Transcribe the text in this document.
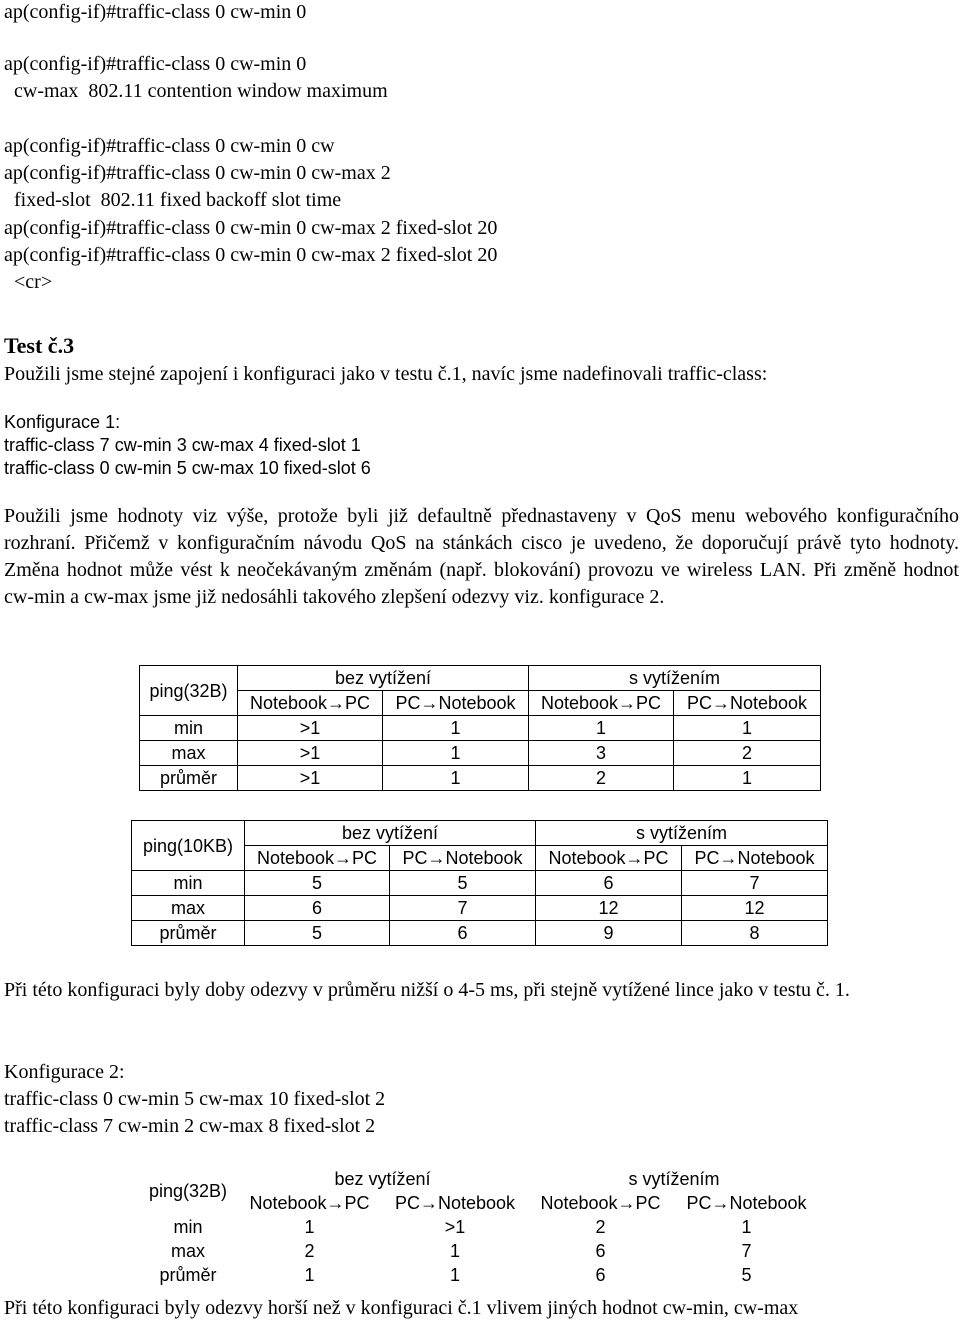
ap(config-if)#traffic-class 0 cw-min 0
ap(config-if)#traffic-class 0 cw-min 0
cw-max  802.11 contention window maximum
ap(config-if)#traffic-class 0 cw-min 0 cw
ap(config-if)#traffic-class 0 cw-min 0 cw-max 2
fixed-slot  802.11 fixed backoff slot time
ap(config-if)#traffic-class 0 cw-min 0 cw-max 2 fixed-slot 20
ap(config-if)#traffic-class 0 cw-min 0 cw-max 2 fixed-slot 20
<cr>
Test č.3
Použili jsme stejné zapojení i konfiguraci jako v testu č.1, navíc jsme nadefinovali traffic-class:
Konfigurace 1:
traffic-class 7 cw-min 3 cw-max 4 fixed-slot 1
traffic-class 0 cw-min 5 cw-max 10 fixed-slot 6
Použili jsme hodnoty viz výše, protože byli již defaultně přednastaveny v QoS menu webového konfiguračního rozhraní. Přičemž v konfiguračním návodu QoS na stánkách cisco je uvedeno, že doporučují právě tyto hodnoty. Změna hodnot může vést k neočekávaným změnám (např. blokování) provozu ve wireless LAN. Při změně hodnot cw-min a cw-max jsme již nedosáhli takového zlepšení odezvy viz. konfigurace 2.
ping(32B)	bez vytížení		s vytížením	
	Notebook→PC	PC→Notebook	Notebook→PC	PC→Notebook
min	>1	1	1	1
max	>1	1	3	2
průměr	>1	1	2	1
ping(10KB)	bez vytížení		s vytížením	
	Notebook→PC	PC→Notebook	Notebook→PC	PC→Notebook
min	5	5	6	7
max	6	7	12	12
průměr	5	6	9	8
Při této konfiguraci byly doby odezvy v průměru nižší o 4-5 ms, při stejně vytížené lince jako v testu č. 1.
Konfigurace 2:
traffic-class 0 cw-min 5 cw-max 10 fixed-slot 2
traffic-class 7 cw-min 2 cw-max 8 fixed-slot 2
ping(32B)	bez vytížení		s vytížením	
	Notebook→PC	PC→Notebook	Notebook→PC	PC→Notebook
min	1	>1	2	1
max	2	1	6	7
průměr	1	1	6	5
Při této konfiguraci byly odezvy horší než v konfiguraci č.1 vlivem jiných hodnot cw-min, cw-max
